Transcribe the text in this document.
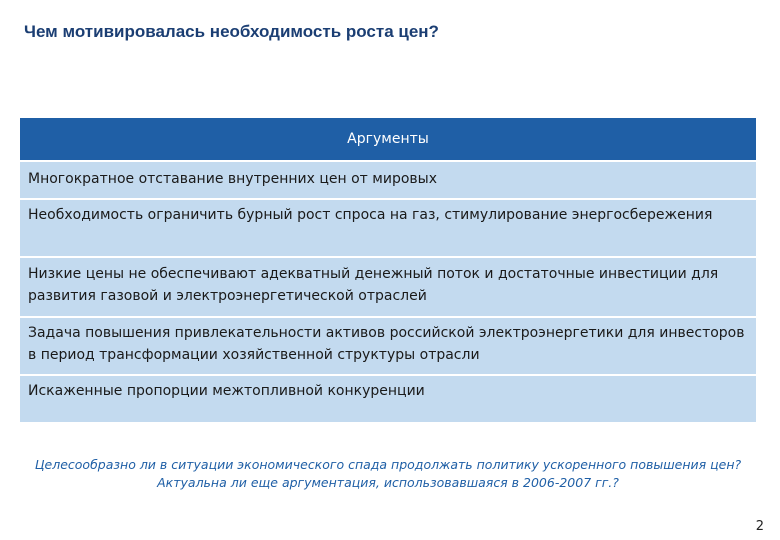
Чем мотивировалась необходимость роста цен?
Аргументы
Многократное отставание внутренних цен от мировых
Необходимость ограничить бурный рост спроса на газ, стимулирование энергосбережения
Низкие цены не обеспечивают адекватный денежный поток и достаточные инвестиции для развития газовой и электроэнергетической отраслей
Задача повышения привлекательности активов российской электроэнергетики для инвесторов в период трансформации хозяйственной структуры отрасли
Искаженные пропорции межтопливной конкуренции
Целесообразно ли в ситуации экономического спада продолжать политику ускоренного повышения цен? Актуальна ли еще аргументация, использовавшаяся в 2006-2007 гг.?
2
